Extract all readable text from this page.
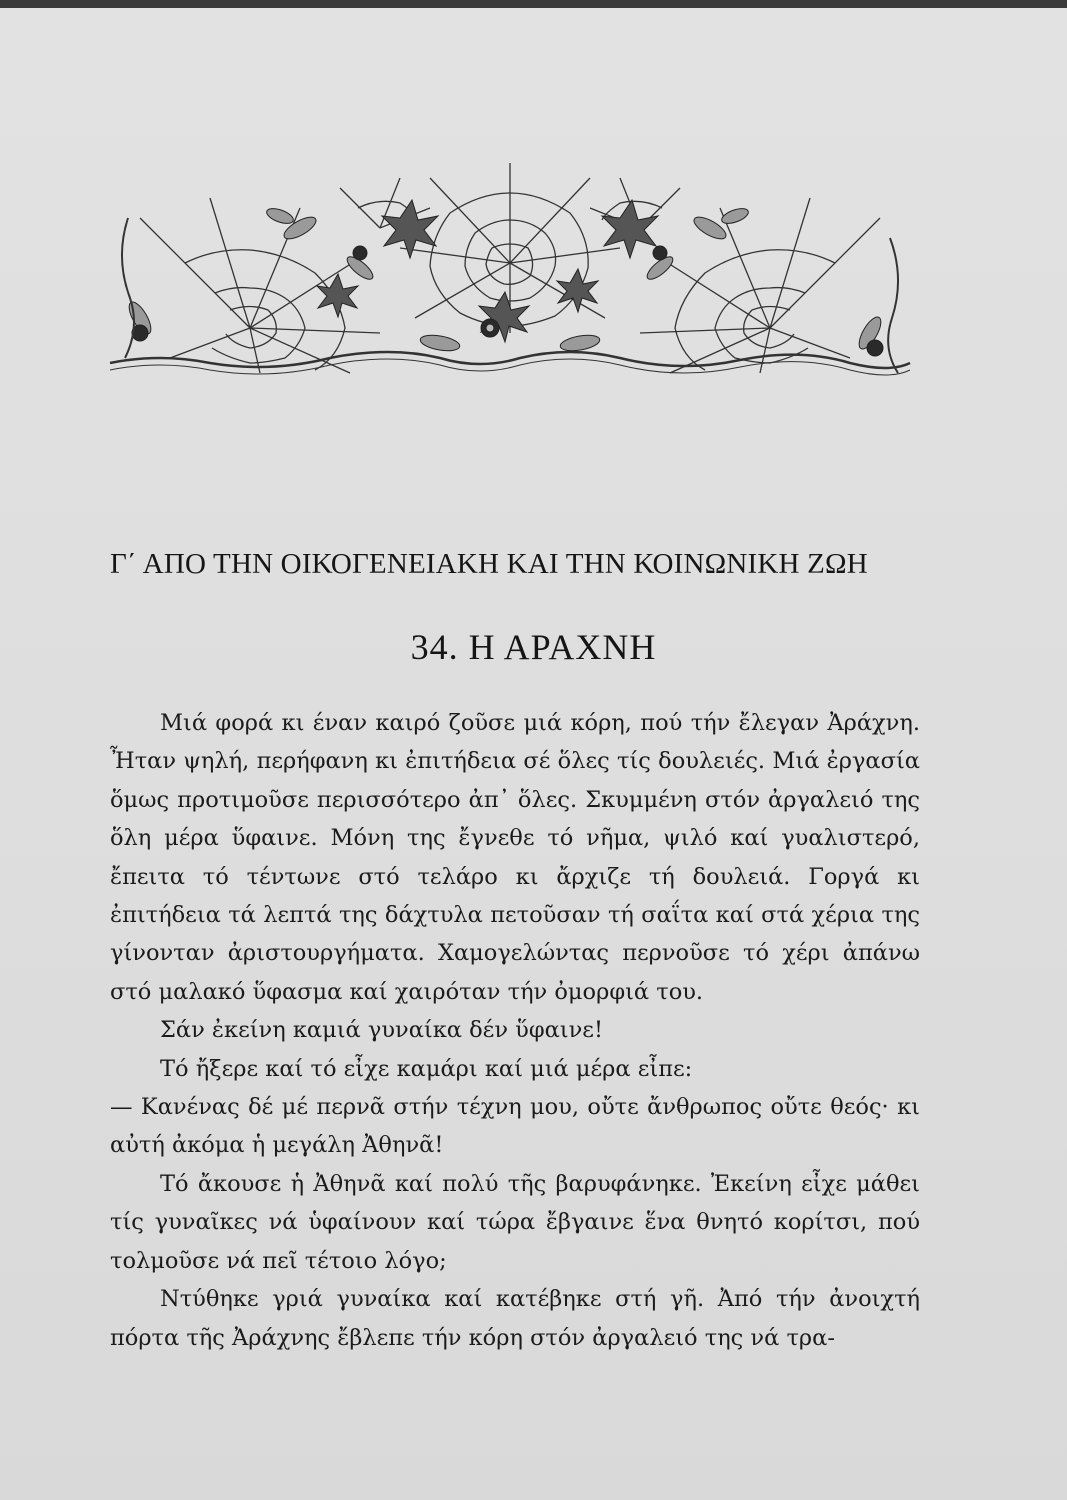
Γ΄ ΑΠΟ ΤΗΝ ΟΙΚΟΓΕΝΕΙΑΚΗ ΚΑΙ ΤΗΝ ΚΟΙΝΩΝΙΚΗ ΖΩΗ
34. Η ΑΡΑΧΝΗ

Μιά φορά κι έναν καιρό ζοῦσε μιά κόρη, πού τήν ἔλεγαν Ἀράχνη. Ἦταν ψηλή, περήφανη κι ἐπιτήδεια σέ ὅλες τίς δουλειές. Μιά ἐργασία ὅμως προτιμοῦσε περισσότερο ἀπ᾽ ὅλες. Σκυμμένη στόν ἀργαλειό της ὅλη μέρα ὕφαινε. Μόνη της ἔγνεθε τό νῆμα, ψιλό καί γυαλιστερό, ἔπειτα τό τέντωνε στό τελάρο κι ἄρχιζε τή δουλειά. Γοργά κι ἐπιτήδεια τά λεπτά της δάχτυλα πετοῦσαν τή σαΐτα καί στά χέρια της γίνονταν ἀριστουργήματα. Χαμογελώντας περνοῦσε τό χέρι ἀπάνω στό μαλακό ὕφασμα καί χαιρόταν τήν ὀμορφιά του.

Σάν ἐκείνη καμιά γυναίκα δέν ὕφαινε!

Τό ἤξερε καί τό εἶχε καμάρι καί μιά μέρα εἶπε:

— Κανένας δέ μέ περνᾶ στήν τέχνη μου, οὔτε ἄνθρωπος οὔτε θεός· κι αὐτή ἀκόμα ἡ μεγάλη Ἀθηνᾶ!

Τό ἄκουσε ἡ Ἀθηνᾶ καί πολύ τῆς βαρυφάνηκε. Ἐκείνη εἶχε μάθει τίς γυναῖκες νά ὑφαίνουν καί τώρα ἔβγαινε ἕνα θνητό κορίτσι, πού τολμοῦσε νά πεῖ τέτοιο λόγο;

Ντύθηκε γριά γυναίκα καί κατέβηκε στή γῆ. Ἀπό τήν ἀνοιχτή πόρτα τῆς Ἀράχνης ἔβλεπε τήν κόρη στόν ἀργαλειό της νά τρα-
